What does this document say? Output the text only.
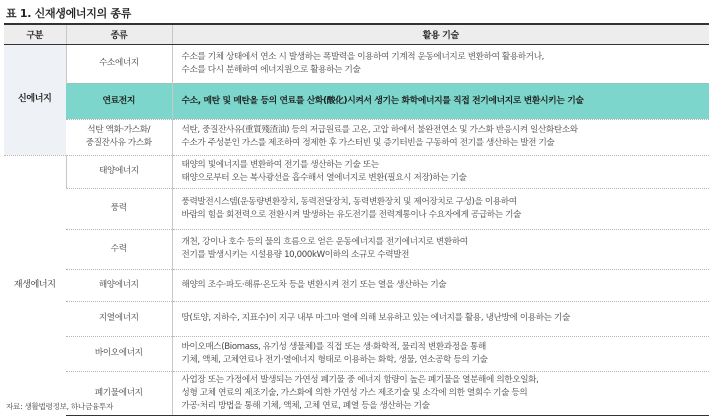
표 1. 신재생에너지의 종류
구분	종류	활용 기술
신에너지	수소에너지	수소를 기체 상태에서 연소 시 발생하는 폭발력을 이용하여 기계적 운동에너지로 변환하여 활용하거나,
수소를 다시 분해하여 에너지원으로 활용하는 기술

	연료전지	수소, 메탄 및 메탄올 등의 연료를 산화(酸化)시켜서 생기는 화학에너지를 직접 전기에너지로 변환시키는 기술

	석탄 액화·가스화/
중질잔사유 가스화	석탄, 중질잔사유(重質殘渣油) 등의 저급원료를 고온, 고압 하에서 불완전연소 및 가스화 반응시켜 일산화탄소와
수소가 주성분인 가스를 제조하여 정제한 후 가스터빈 및 증기터빈을 구동하여 전기를 생산하는 발전 기술

재생에너지	태양에너지	태양의 빛에너지를 변환하여 전기를 생산하는 기술 또는
태양으로부터 오는 복사광선을 흡수해서 열에너지로 변환(필요시 저장)하는 기술

	풍력	풍력발전시스템(운동량변환장치, 동력전달장치, 동력변환장치 및 제어장치로 구성)을 이용하여
바람의 힘을 회전력으로 전환시켜 발생하는 유도전기를 전력계통이나 수요자에게 공급하는 기술

	수력	개천, 강이나 호수 등의 물의 흐름으로 얻은 운동에너지를 전기에너지로 변환하여
전기를 발생시키는 시설용량 10,000kW이하의 소규모 수력발전

	해양에너지	해양의 조수·파도·해류·온도차 등을 변환시켜 전기 또는 열을 생산하는 기술

	지열에너지	땅(토양, 지하수, 지표수)이 지구 내부 마그마 열에 의해 보유하고 있는 에너지를 활용, 냉난방에 이용하는 기술

	바이오에너지	바이오매스(Biomass, 유기성 생물체)를 직접 또는 생·화학적, 물리적 변환과정을 통해
기체, 액체, 고체연료나 전기·열에너지 형태로 이용하는 화학, 생물, 연소공학 등의 기술

	폐기물에너지	사업장 또는 가정에서 발생되는 가연성 폐기물 중 에너지 함량이 높은 폐기물을 열분해에 의한오일화,
성형 고체 연료의 제조기술, 가스화에 의한 가연성 가스 제조기술 및 소각에 의한 열회수 기술 등의
가공·처리 방법을 통해 기체, 액체, 고체 연료, 폐열 등을 생산하는 기술
자료: 생활법령정보, 하나금융투자
